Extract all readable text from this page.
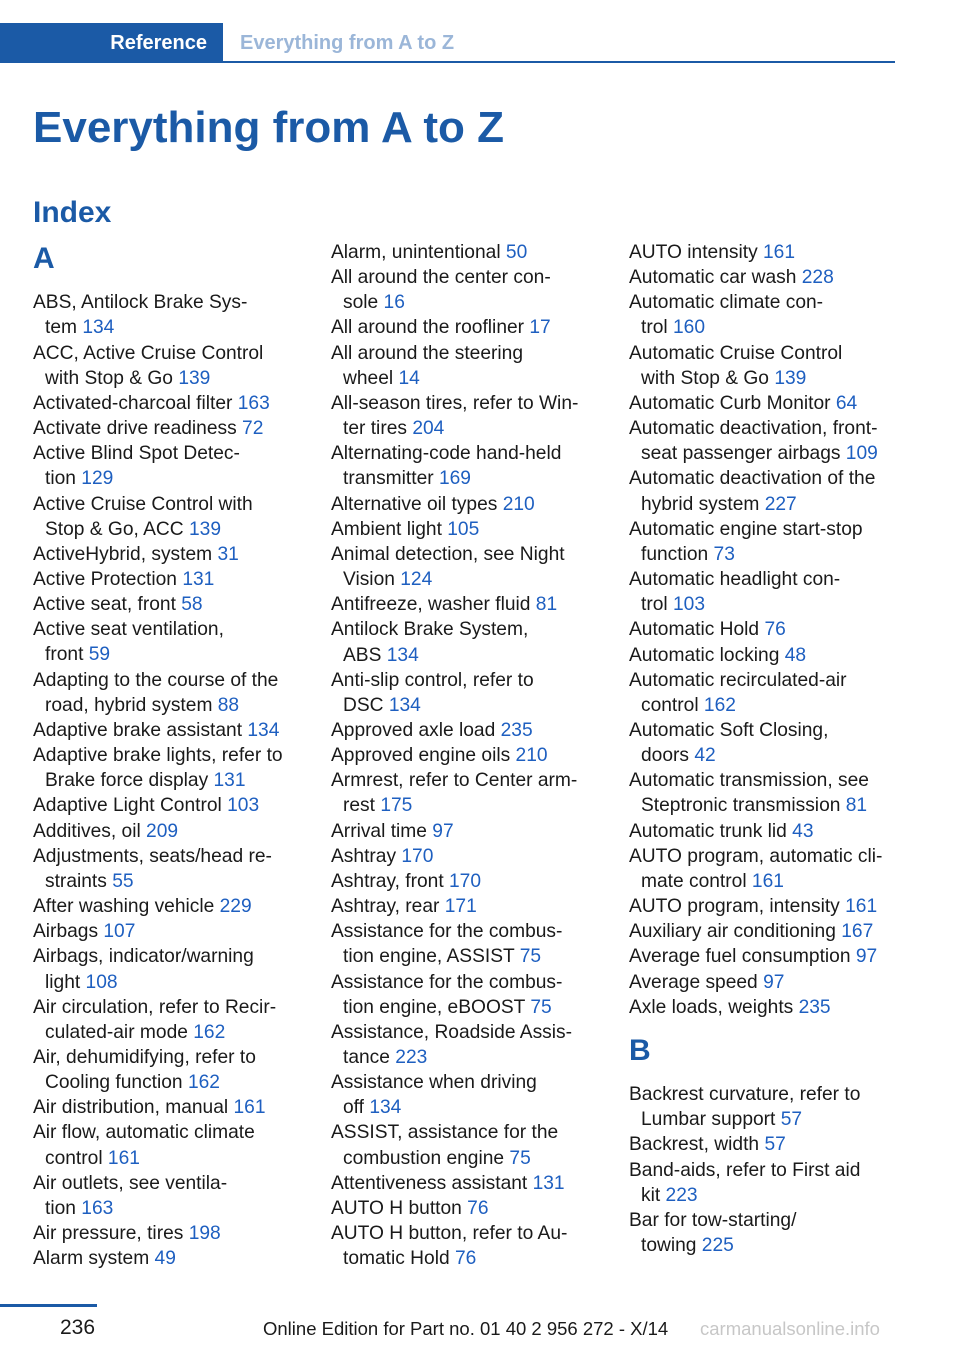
Reference	Everything from A to Z
Everything from A to Z
Index
A
ABS, Antilock Brake Sys-
tem 134
ACC, Active Cruise Control
with Stop & Go 139
Activated-charcoal filter 163
Activate drive readiness 72
Active Blind Spot Detec-
tion 129
Active Cruise Control with
Stop & Go, ACC 139
ActiveHybrid, system 31
Active Protection 131
Active seat, front 58
Active seat ventilation,
front 59
Adapting to the course of the
road, hybrid system 88
Adaptive brake assistant 134
Adaptive brake lights, refer to
Brake force display 131
Adaptive Light Control 103
Additives, oil 209
Adjustments, seats/head re-
straints 55
After washing vehicle 229
Airbags 107
Airbags, indicator/warning
light 108
Air circulation, refer to Recir-
culated-air mode 162
Air, dehumidifying, refer to
Cooling function 162
Air distribution, manual 161
Air flow, automatic climate
control 161
Air outlets, see ventila-
tion 163
Air pressure, tires 198
Alarm system 49
Alarm, unintentional 50
All around the center con-
sole 16
All around the roofliner 17
All around the steering
wheel 14
All-season tires, refer to Win-
ter tires 204
Alternating-code hand-held
transmitter 169
Alternative oil types 210
Ambient light 105
Animal detection, see Night
Vision 124
Antifreeze, washer fluid 81
Antilock Brake System,
ABS 134
Anti-slip control, refer to
DSC 134
Approved axle load 235
Approved engine oils 210
Armrest, refer to Center arm-
rest 175
Arrival time 97
Ashtray 170
Ashtray, front 170
Ashtray, rear 171
Assistance for the combus-
tion engine, ASSIST 75
Assistance for the combus-
tion engine, eBOOST 75
Assistance, Roadside Assis-
tance 223
Assistance when driving
off 134
ASSIST, assistance for the
combustion engine 75
Attentiveness assistant 131
AUTO H button 76
AUTO H button, refer to Au-
tomatic Hold 76
AUTO intensity 161
Automatic car wash 228
Automatic climate con-
trol 160
Automatic Cruise Control
with Stop & Go 139
Automatic Curb Monitor 64
Automatic deactivation, front-
seat passenger airbags 109
Automatic deactivation of the
hybrid system 227
Automatic engine start-stop
function 73
Automatic headlight con-
trol 103
Automatic Hold 76
Automatic locking 48
Automatic recirculated-air
control 162
Automatic Soft Closing,
doors 42
Automatic transmission, see
Steptronic transmission 81
Automatic trunk lid 43
AUTO program, automatic cli-
mate control 161
AUTO program, intensity 161
Auxiliary air conditioning 167
Average fuel consumption 97
Average speed 97
Axle loads, weights 235
B
Backrest curvature, refer to
Lumbar support 57
Backrest, width 57
Band-aids, refer to First aid
kit 223
Bar for tow-starting/
towing 225
236	Online Edition for Part no. 01 40 2 956 272 - X/14 carmanualsonline.info
